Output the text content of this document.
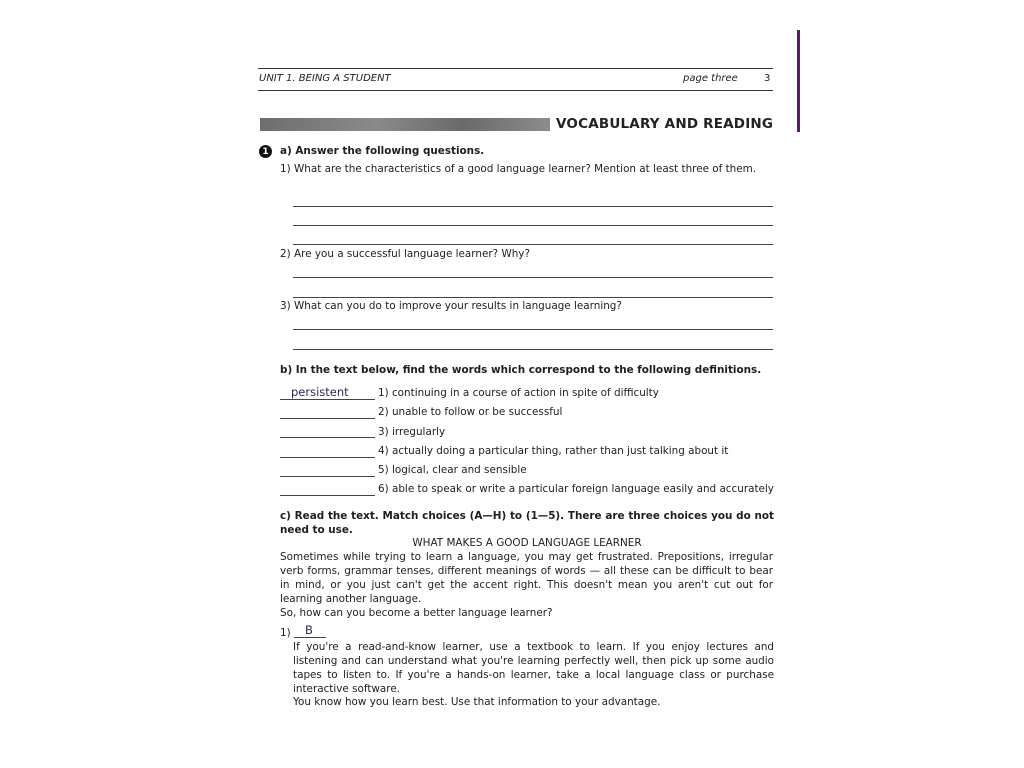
UNIT 1. BEING A STUDENT	page three	3
VOCABULARY AND READING
1	a) Answer the following questions.
1) What are the characteristics of a good language learner? Mention at least three of them.
2) Are you a successful language learner? Why?
3) What can you do to improve your results in language learning?
b) In the text below, find the words which correspond to the following definitions.
persistent	1) continuing in a course of action in spite of difficulty
2) unable to follow or be successful
3) irregularly
4) actually doing a particular thing, rather than just talking about it
5) logical, clear and sensible
6) able to speak or write a particular foreign language easily and accurately
c) Read the text. Match choices (A—H) to (1—5). There are three choices you do not need to use.
WHAT MAKES A GOOD LANGUAGE LEARNER
Sometimes while trying to learn a language, you may get frustrated. Prepositions, irregular verb forms, grammar tenses, different meanings of words — all these can be difficult to bear in mind, or you just can't get the accent right. This doesn't mean you aren't cut out for learning another language.
So, how can you become a better language learner?
1) B
If you're a read-and-know learner, use a textbook to learn. If you enjoy lectures and listening and can understand what you're learning perfectly well, then pick up some audio tapes to listen to. If you're a hands-on learner, take a local language class or purchase interactive software.
You know how you learn best. Use that information to your advantage.
